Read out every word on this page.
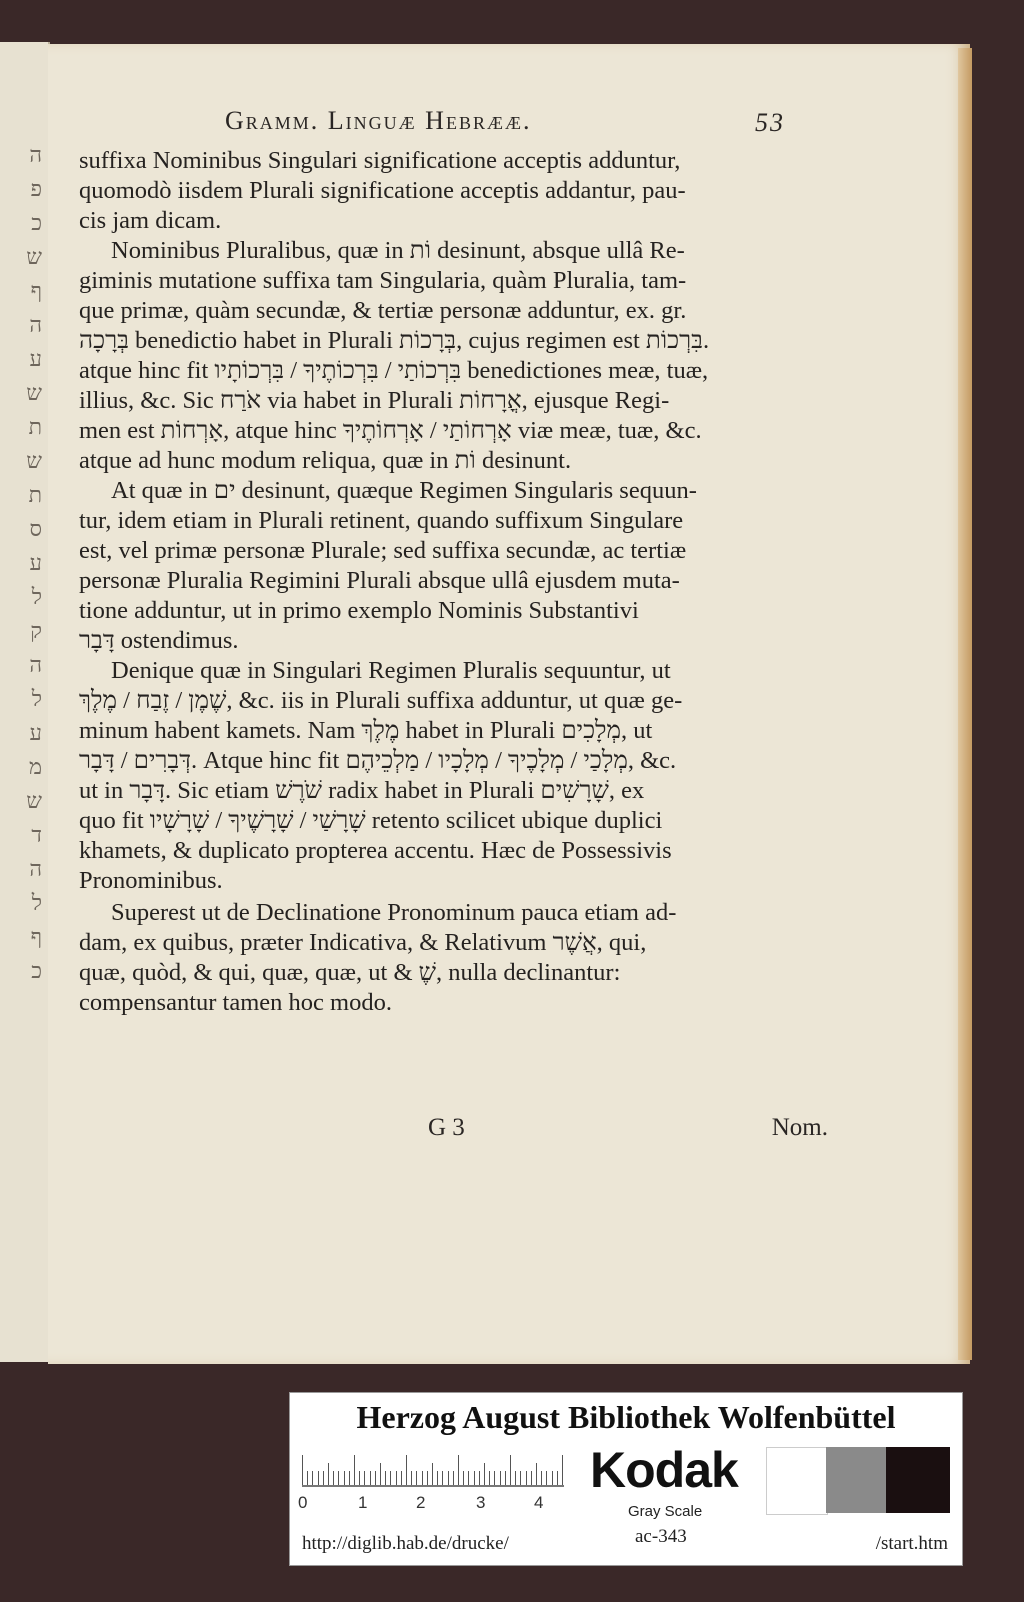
ה
פ
כ
ש
ף
ה
ע
ש
ת
ש
ת
ס
ע
ל
ק
ה
ל
ע
מ
ש
ד
ה
ל
ף
כ
Gramm. Linguæ Hebrææ.	53

suffixa Nominibus Singulari significatione acceptis adduntur,
quomodò iisdem Plurali significatione acceptis addantur, pau-
cis jam dicam.

Nominibus Pluralibus, quæ in וֹת desinunt, absque ullâ Re-
giminis mutatione suffixa tam Singularia, quàm Pluralia, tam-
que primæ, quàm secundæ, & tertiæ personæ adduntur, ex. gr.
בְּרָכָה benedictio habet in Plurali בְּרָכוֹת, cujus regimen est בִּרְכוֹת.
atque hinc fit בִּרְכוֹתַי / בִּרְכוֹתֶיךָ / בִּרְכוֹתָיו benedictiones meæ, tuæ,
illius, &c. Sic אֹרַח via habet in Plurali אֳרָחוֹת, ejusque Regi-
men est אָרְחוֹת, atque hinc אָרְחוֹתַי / אָרְחוֹתֶיךָ viæ meæ, tuæ, &c.
atque ad hunc modum reliqua, quæ in וֹת desinunt.

At quæ in ים desinunt, quæque Regimen Singularis sequun-
tur, idem etiam in Plurali retinent, quando suffixum Singulare
est, vel primæ personæ Plurale; sed suffixa secundæ, ac tertiæ
personæ Pluralia Regimini Plurali absque ullâ ejusdem muta-
tione adduntur, ut in primo exemplo Nominis Substantivi
דָּבָר ostendimus.

Denique quæ in Singulari Regimen Pluralis sequuntur, ut
שֶׁמֶן / זֶבַח / מֶלֶךְ, &c. iis in Plurali suffixa adduntur, ut quæ ge-
minum habent kamets. Nam מֶלֶךְ habet in Plurali מְלָכִים, ut
דְּבָרִים / דָּבָר. Atque hinc fit מְלָכַי / מְלָכֶיךָ / מְלָכָיו / מַלְכֵיהֶם, &c.
ut in דָּבָר. Sic etiam שֹׁרֶשׁ radix habet in Plurali שָׁרָשִׁים, ex
quo fit שָׁרָשַׁי / שָׁרָשֶׁיךָ / שָׁרָשָׁיו retento scilicet ubique duplici
khamets, & duplicato propterea accentu. Hæc de Possessivis
Pronominibus.

Superest ut de Declinatione Pronominum pauca etiam ad-
dam, ex quibus, præter Indicativa, & Relativum אֲשֶׁר, qui,
quæ, quòd, & qui, quæ, quæ, ut & שֶׁ, nulla declinantur:
compensantur tamen hoc modo.

G 3	Nom.
Herzog August Bibliothek Wolfenbüttel
0	1	2	3	4
Kodak
Gray Scale
http://diglib.hab.de/drucke/	ac-343	/start.htm
